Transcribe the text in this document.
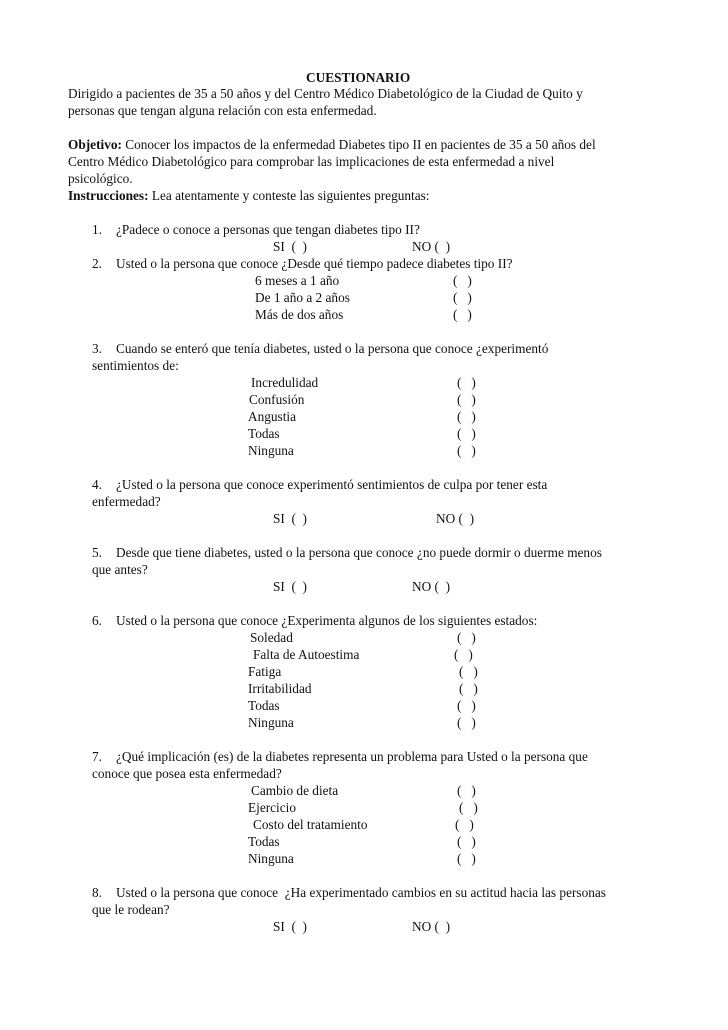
CUESTIONARIO
Dirigido a pacientes de 35 a 50 años y del Centro Médico Diabetológico de la Ciudad de Quito y
personas que tengan alguna relación con esta enfermedad.
Objetivo: Conocer los impactos de la enfermedad Diabetes tipo II en pacientes de 35 a 50 años del
Centro Médico Diabetológico para comprobar las implicaciones de esta enfermedad a nivel
psicológico.
Instrucciones: Lea atentamente y conteste las siguientes preguntas:
1. ¿Padece o conoce a personas que tengan diabetes tipo II?
SI  (  )	NO (  )
2. Usted o la persona que conoce ¿Desde qué tiempo padece diabetes tipo II?
6 meses a 1 año	(   )
De 1 año a 2 años	(   )
Más de dos años	(   )
3. Cuando se enteró que tenía diabetes, usted o la persona que conoce ¿experimentó
sentimientos de:
Incredulidad	(   )
Confusión	(   )
Angustia	(   )
Todas	(   )
Ninguna	(   )
4. ¿Usted o la persona que conoce experimentó sentimientos de culpa por tener esta
enfermedad?
SI  (  )	NO (  )
5. Desde que tiene diabetes, usted o la persona que conoce ¿no puede dormir o duerme menos
que antes?
SI  (  )	NO (  )
6. Usted o la persona que conoce ¿Experimenta algunos de los siguientes estados:
Soledad	(   )
Falta de Autoestima	(   )
Fatiga	(   )
Irritabilidad	(   )
Todas	(   )
Ninguna	(   )
7. ¿Qué implicación (es) de la diabetes representa un problema para Usted o la persona que
conoce que posea esta enfermedad?
Cambio de dieta	(   )
Ejercicio	(   )
Costo del tratamiento	(   )
Todas	(   )
Ninguna	(   )
8. Usted o la persona que conoce  ¿Ha experimentado cambios en su actitud hacia las personas
que le rodean?
SI  (  )	NO (  )
